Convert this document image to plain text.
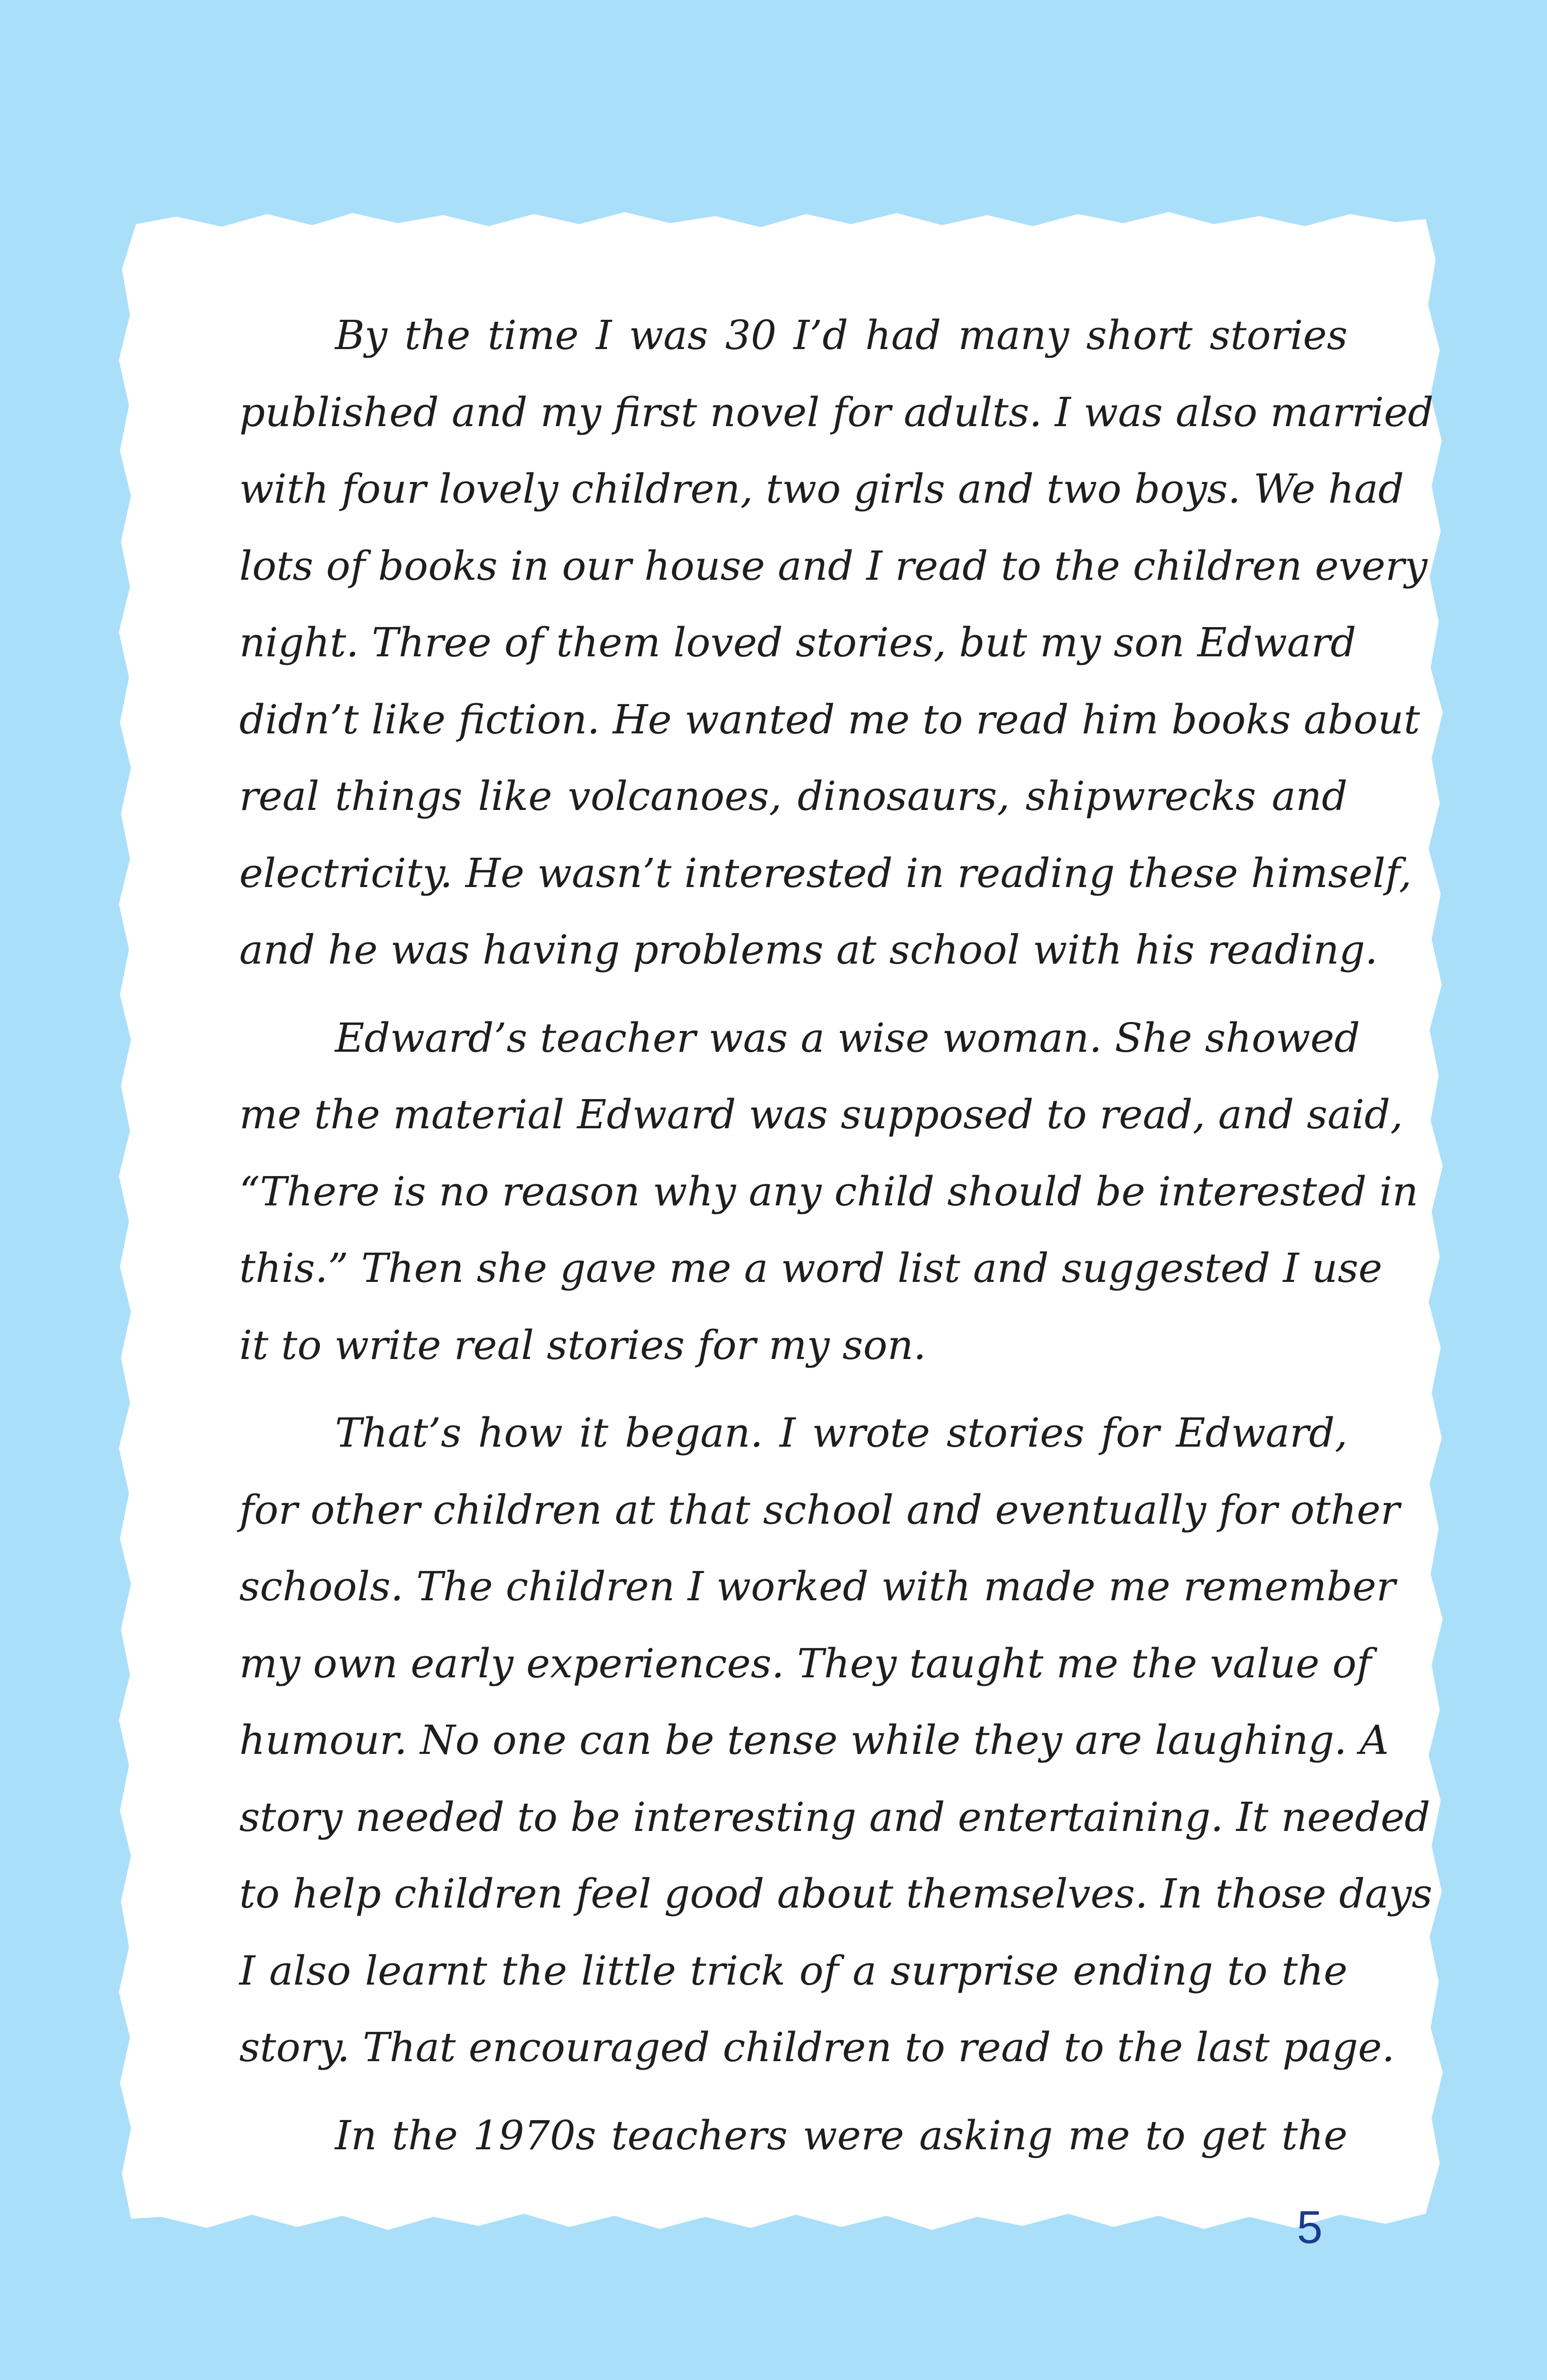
By the time I was 30 I’d had many short stories
published and my first novel for adults. I was also married
with four lovely children, two girls and two boys. We had
lots of books in our house and I read to the children every
night. Three of them loved stories, but my son Edward
didn’t like fiction. He wanted me to read him books about
real things like volcanoes, dinosaurs, shipwrecks and
electricity. He wasn’t interested in reading these himself,
and he was having problems at school with his reading.
Edward’s teacher was a wise woman. She showed
me the material Edward was supposed to read, and said,
“There is no reason why any child should be interested in
this.” Then she gave me a word list and suggested I use
it to write real stories for my son.
That’s how it began. I wrote stories for Edward,
for other children at that school and eventually for other
schools. The children I worked with made me remember
my own early experiences. They taught me the value of
humour. No one can be tense while they are laughing. A
story needed to be interesting and entertaining. It needed
to help children feel good about themselves. In those days
I also learnt the little trick of a surprise ending to the
story. That encouraged children to read to the last page.
In the 1970s teachers were asking me to get the
5
